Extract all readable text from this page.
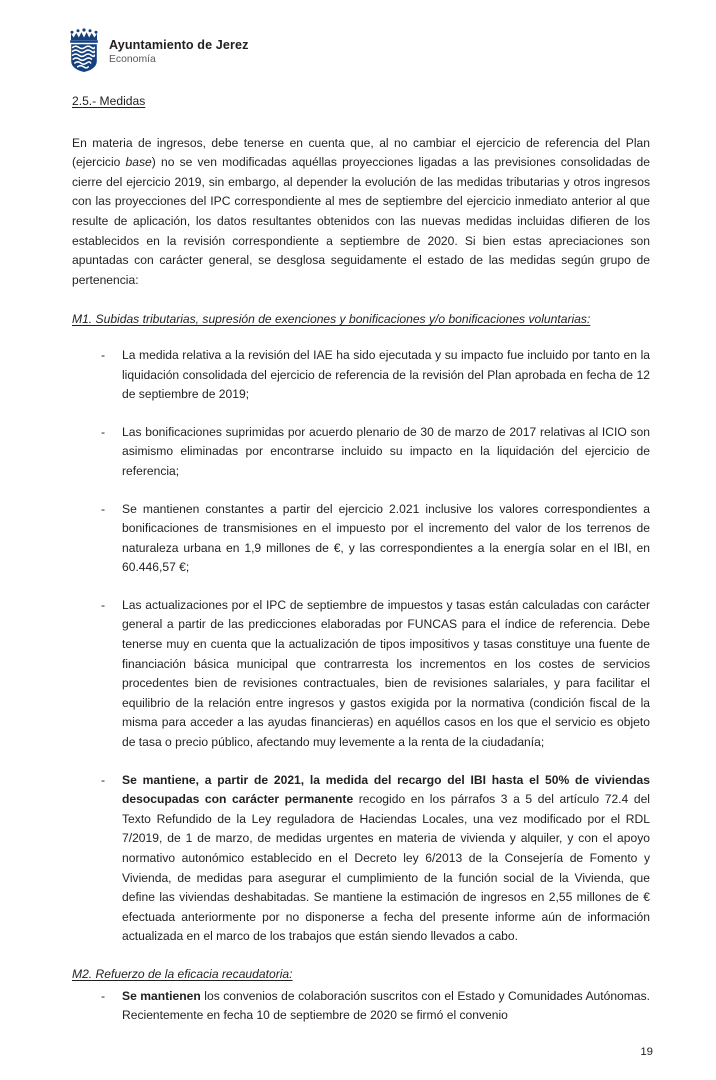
Ayuntamiento de Jerez
Economía
2.5.- Medidas

En materia de ingresos, debe tenerse en cuenta que, al no cambiar el ejercicio de referencia del Plan (ejercicio base) no se ven modificadas aquéllas proyecciones ligadas a las previsiones consolidadas de cierre del ejercicio 2019, sin embargo, al depender la evolución de las medidas tributarias y otros ingresos con las proyecciones del IPC correspondiente al mes de septiembre del ejercicio inmediato anterior al que resulte de aplicación, los datos resultantes obtenidos con las nuevas medidas incluidas difieren de los establecidos en la revisión correspondiente a septiembre de 2020. Si bien estas apreciaciones son apuntadas con carácter general, se desglosa seguidamente el estado de las medidas según grupo de pertenencia:

M1. Subidas tributarias, supresión de exenciones y bonificaciones y/o bonificaciones voluntarias:
- La medida relativa a la revisión del IAE ha sido ejecutada y su impacto fue incluido por tanto en la liquidación consolidada del ejercicio de referencia de la revisión del Plan aprobada en fecha de 12 de septiembre de 2019;
- Las bonificaciones suprimidas por acuerdo plenario de 30 de marzo de 2017 relativas al ICIO son asimismo eliminadas por encontrarse incluido su impacto en la liquidación del ejercicio de referencia;
- Se mantienen constantes a partir del ejercicio 2.021 inclusive los valores correspondientes a bonificaciones de transmisiones en el impuesto por el incremento del valor de los terrenos de naturaleza urbana en 1,9 millones de €, y las correspondientes a la energía solar en el IBI, en 60.446,57 €;
- Las actualizaciones por el IPC de septiembre de impuestos y tasas están calculadas con carácter general a partir de las predicciones elaboradas por FUNCAS para el índice de referencia. Debe tenerse muy en cuenta que la actualización de tipos impositivos y tasas constituye una fuente de financiación básica municipal que contrarresta los incrementos en los costes de servicios procedentes bien de revisiones contractuales, bien de revisiones salariales, y para facilitar el equilibrio de la relación entre ingresos y gastos exigida por la normativa (condición fiscal de la misma para acceder a las ayudas financieras) en aquéllos casos en los que el servicio es objeto de tasa o precio público, afectando muy levemente a la renta de la ciudadanía;
- Se mantiene, a partir de 2021, la medida del recargo del IBI hasta el 50% de viviendas desocupadas con carácter permanente recogido en los párrafos 3 a 5 del artículo 72.4 del Texto Refundido de la Ley reguladora de Haciendas Locales, una vez modificado por el RDL 7/2019, de 1 de marzo, de medidas urgentes en materia de vivienda y alquiler, y con el apoyo normativo autonómico establecido en el Decreto ley 6/2013 de la Consejería de Fomento y Vivienda, de medidas para asegurar el cumplimiento de la función social de la Vivienda, que define las viviendas deshabitadas. Se mantiene la estimación de ingresos en 2,55 millones de € efectuada anteriormente por no disponerse a fecha del presente informe aún de información actualizada en el marco de los trabajos que están siendo llevados a cabo.
M2. Refuerzo de la eficacia recaudatoria:
- Se mantienen los convenios de colaboración suscritos con el Estado y Comunidades Autónomas. Recientemente en fecha 10 de septiembre de 2020 se firmó el convenio
19
